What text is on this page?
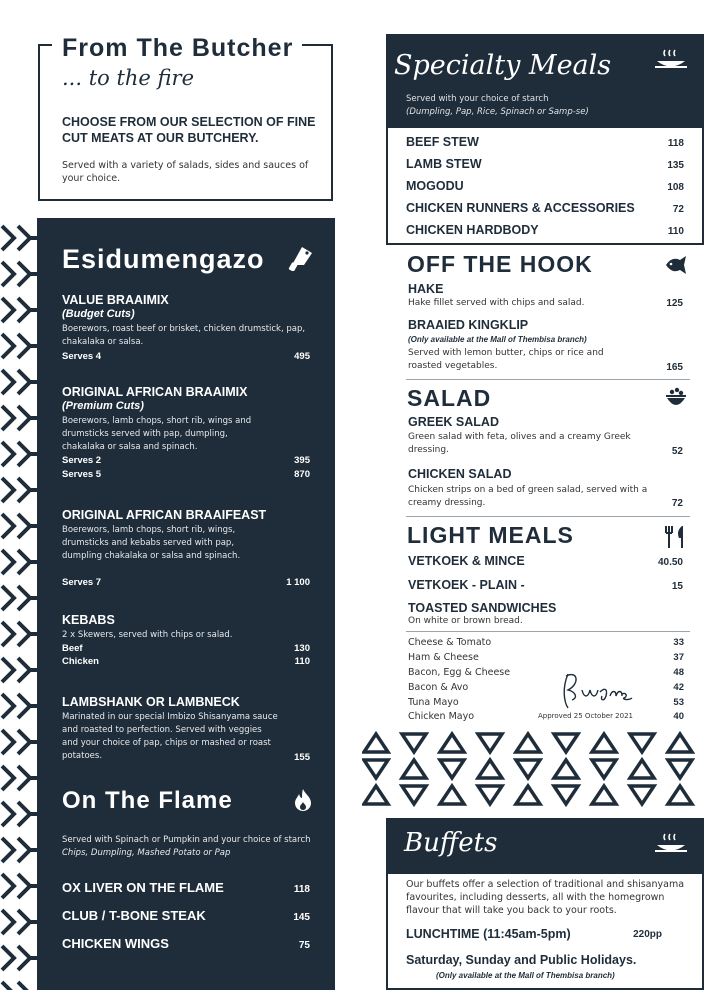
From The Butcher
... to the fire
CHOOSE FROM OUR SELECTION OF FINE CUT MEATS AT OUR BUTCHERY.
Served with a variety of salads, sides and sauces of your choice.
Esidumengazo
VALUE BRAAIMIX
(Budget Cuts)
Boerewors, roast beef or brisket, chicken drumstick, pap, chakalaka or salsa.
Serves 4	495
ORIGINAL AFRICAN BRAAIMIX
(Premium Cuts)
Boerewors, lamb chops, short rib, wings and drumsticks served with pap, dumpling, chakalaka or salsa and spinach.
Serves 2	395
Serves 5	870
ORIGINAL AFRICAN BRAAIFEAST
Boerewors, lamb chops, short rib, wings, drumsticks and kebabs served with pap, dumpling chakalaka or salsa and spinach.
Serves 7	1 100
KEBABS
2 x Skewers, served with chips or salad.
Beef	130
Chicken	110
LAMBSHANK OR LAMBNECK
Marinated in our special Imbizo Shisanyama sauce and roasted to perfection. Served with veggies and your choice of pap, chips or mashed or roast potatoes.	155
On The Flame
Served with Spinach or Pumpkin and your choice of starch
Chips, Dumpling, Mashed Potato or Pap
OX LIVER ON THE FLAME	118
CLUB / T-BONE STEAK	145
CHICKEN WINGS	75
Specialty Meals
Served with your choice of starch
(Dumpling, Pap, Rice, Spinach or Samp-se)
BEEF STEW	118
LAMB STEW	135
MOGODU	108
CHICKEN RUNNERS & ACCESSORIES	72
CHICKEN HARDBODY	110
OFF THE HOOK
HAKE
Hake fillet served with chips and salad.	125
BRAAIED KINGKLIP
(Only available at the Mall of Thembisa branch)
Served with lemon butter, chips or rice and roasted vegetables.	165
SALAD
GREEK SALAD
Green salad with feta, olives and a creamy Greek dressing.	52
CHICKEN SALAD
Chicken strips on a bed of green salad, served with a creamy dressing.	72
LIGHT MEALS
VETKOEK & MINCE	40.50
VETKOEK - PLAIN -	15
TOASTED SANDWICHES
On white or brown bread.
Cheese & Tomato	33
Ham & Cheese	37
Bacon, Egg & Cheese	48
Bacon & Avo	42
Tuna Mayo	53
Chicken Mayo	40
Approved 25 October 2021
Buffets
Our buffets offer a selection of traditional and shisanyama favourites, including desserts, all with the homegrown flavour that will take you back to your roots.
LUNCHTIME (11:45am-5pm)	220pp
Saturday, Sunday and Public Holidays.
(Only available at the Mall of Thembisa branch)
